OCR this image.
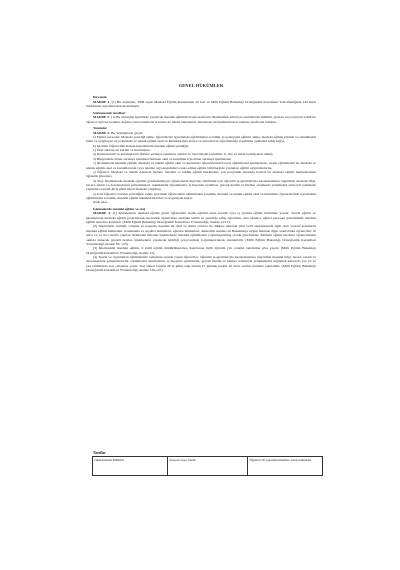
GENEL HÜKÜMLER
Dayanak

MADDE 1- (1) Bu sözleşme, 3308 sayılı Mesleki Eğitim Kanununun 25 inci ve Milli Eğitim Bakanlığı Ortaöğretim Kurumları Yönetmeliğinin 143 üncü maddesine dayanılarak hazırlanmıştır.

Sözleşmenin tarafları

MADDE 2- (1) Bu sözleşme işletmede yapılacak mesleki eğitimin/stajın esaslarını düzenlemek amacıyla okul/kurum müdürü, işveren veya işveren vekili ile öğrenci reşit ise kendisi, değilse yasal temsilcisi arasında üç nüsha düzenlenir, imzalanan sözleşmenin birer nüshası taraflarda bulunur.

Tanımlar

MADDE 3- Bu Sözleşmede geçen;

a) Eğitici personel: Mesleki yeterliği sahip, öğrencilerin işyerindeki eğitiminden sorumlu, iş pedagojisi eğitimi almış, mesleki eğitim yöntem ve tekniklerini bilen ve uygulayan veya mesleki ve teknik eğitim okul ve kurumlarında atölye ve laboratuvar öğretmenliği yapabilme yetkisine sahip kişiyi,

b) İşletme: Öğrencinin Kanun kapsamında mesleki eğitim gördüğü,

1) Özel sektöre ait kurum ve kuruluşları,

2) Kamu kurum ve kuruluşlarını (Döner sermaye işletmesi olanlar ve özel bütçeli kurumlar, il, ilçe ve belde belediyeleri dahil),

3) Bünyesinde döner sermaye işletmesi bulunan okul ve kurumlar için döner sermaye işletmesini,

c) İşletmelerde mesleki eğitim: Mesleki ve teknik eğitim okul ve kurumları öğrencilerinin beceri eğitimlerini işletmelerde, teorik eğitimlerini ise mesleki ve teknik eğitim okul ve kurumlarında veya işletme veya kurumlarca tesis edilen eğitim birimlerinde yaptıkları eğitim uygulamalarını,

ç) Öğrenci: Mesleki ve teknik Anadolu liseleri, mesleki ve teknik eğitim merkezleri, çok programlı Anadolu liseleri ile mesleki eğitim merkezlerinde öğrenim görenleri,

d) Staj: İşletmelerde mesleki eğitime gönderilemeyen öğrencilerin diploma alabilmek için öğrenim programlarıyla kazandırılması öngörülen mesleki bilgi, beceri, tutum ve davranışlarını geliştirmeleri, tekniklerini öğrenmeleri, iş hayatına uyumları, gerçek üretim ve hizmet ortamında yetişmeleri amacıyla işletmede yaptıkları toplam 40 iş günü süreli mesleki çalışmayı,

e) Usta Öğretici: Ustalık yeterliğine sahip, işyerinde öğrencilerin eğitiminden sorumlu, mesleki ve teknik eğitim okul ve kurumları öğrencilerinin işyerindeki eğitiminden sorumlu, mesleki eğitim tekniklerini bilen ve uygulayan kişiyi,

ifade eder.

İşletmelerde mesleki eğitim ve staj

MADDE 4- (1) İşletmelerde mesleki eğitim gören öğrencinin teorik eğitimi okul, kurum veya iş yerinin eğitim biriminde yapılır. Teorik eğitim ve işletmelerde mesleki eğitim programının öncesinde öğrencilere sertifika sahibi ve yeterliğe sahip öğretmen, usta öğretici, eğitici personel gözetiminde mesleki eğitim sürecine katılırlar. (Milli Eğitim Bakanlığı Ortaöğretim Kurumları Yönetmeliği, madde 123/1).

(2) Sektörlerin özelliği, çalışma ve kapasite durumu ile okul ve ikinci partları ile dikkate alınarak yılın belli zamanlarında ilgili olan yöresel konularda mesleki eğitim hizmetleri, konaklama ve seyahat hizmetleri, eğlence hizmetleri, denizcilik alanları ile Bakanlıkça uygun bulunan diğer alanlardaki öğrencileri 10 uncu ve 11 inci sınıfta yapılan tarihinden itibaren işletmelerde mesleki eğitimlerini yoğunlaştırılmış olarak görebilirler. Mesleki eğitim merkezi öğrencilerinin okulda alınacak gerekli dersler, işletmelerle yapılacak işbirliği çerçevesinde yoğunlaştırılarak okutulabilir. (Milli Eğitim Bakanlığı Ortaöğretim Kurumları Yönetmeliği, madde 63, 123).

(3) İşletmedeki mesleki eğitim, il milli eğitim müdürlüklerince hazırlanan ilgili öğretim yılı çalışma takvimine göre yapılır (Milli Eğitim Bakanlığı Ortaöğretim Kurumları Yönetmeliği, madde 15).

(4) Teorik ve uygulamalı eğitimlerinin tamamını okulda yapan öğrenciler, öğrenim programlarıyla kazandırılması öngörülen mesleki bilgi, beceri, tutum ve davranışlarını geliştirmelerini, tekniklerini tanımalarını, iş hayatına uyumlarını, gerçek üretim ve hizmet ortamında yetişmelerini sağlamak amacıyla yaz yıl ve yaz tatillerinde staj çalışması yapar. Staj süresi toplam 40 iş günü olup bunun 15 gününe kadarı 10 uncu sınıfın sonunda yapılabilir. (Milli Eğitim Bakanlığı Ortaöğretim Kurumları Yönetmeliği, madde 126-127).

Taraflar
Okul/Kurum Müdürü	İşveren veya Vekili	Öğrenci/18 yaşından küçükse yasal temsilcisi
